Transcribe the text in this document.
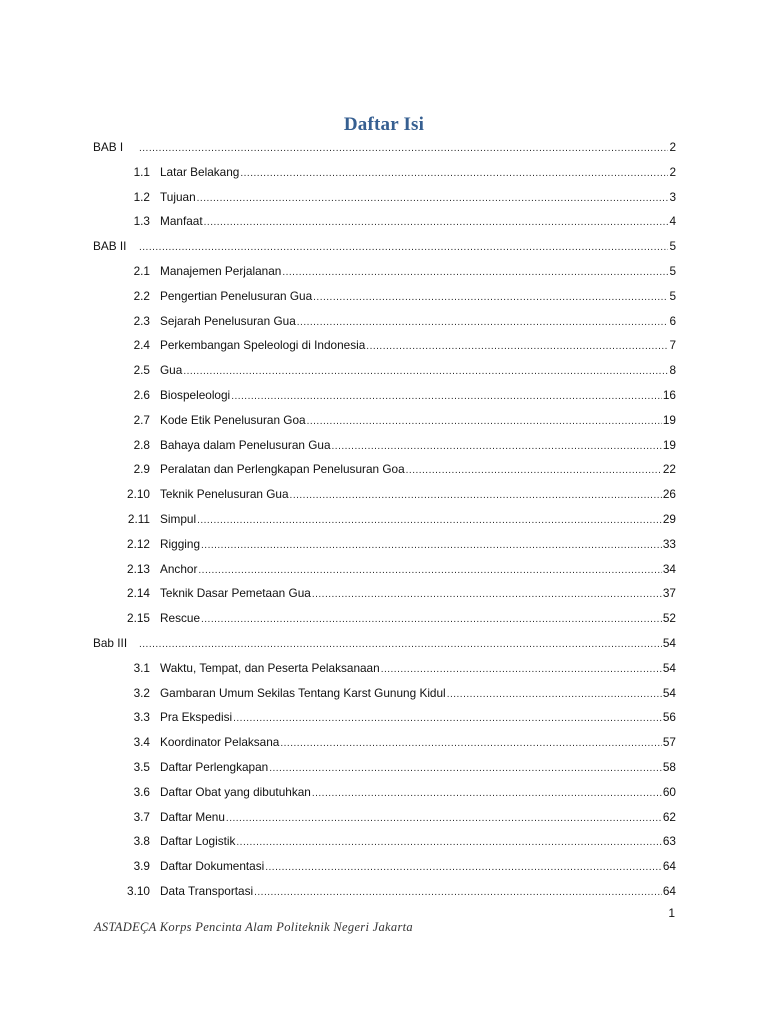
Daftar Isi
BAB I .....	2
1.1 Latar Belakang .....	2
1.2 Tujuan .....	3
1.3 Manfaat .....	4
BAB II .....	5
2.1 Manajemen Perjalanan .....	5
2.2 Pengertian Penelusuran Gua .....	5
2.3 Sejarah Penelusuran Gua .....	6
2.4 Perkembangan Speleologi di Indonesia .....	7
2.5 Gua .....	8
2.6 Biospeleologi .....	16
2.7 Kode Etik Penelusuran Goa .....	19
2.8 Bahaya dalam Penelusuran Gua .....	19
2.9 Peralatan dan Perlengkapan Penelusuran Goa .....	22
2.10 Teknik Penelusuran Gua .....	26
2.11 Simpul .....	29
2.12 Rigging .....	33
2.13 Anchor .....	34
2.14 Teknik Dasar Pemetaan Gua .....	37
2.15 Rescue .....	52
Bab III .....	54
3.1 Waktu, Tempat, dan Peserta Pelaksanaan .....	54
3.2 Gambaran Umum Sekilas Tentang Karst Gunung Kidul .....	54
3.3 Pra Ekspedisi .....	56
3.4 Koordinator Pelaksana .....	57
3.5 Daftar Perlengkapan .....	58
3.6 Daftar Obat yang dibutuhkan .....	60
3.7 Daftar Menu .....	62
3.8 Daftar Logistik .....	63
3.9 Daftar Dokumentasi .....	64
3.10 Data Transportasi .....	64
1
ASTADEÇA Korps Pencinta Alam Politeknik Negeri Jakarta
